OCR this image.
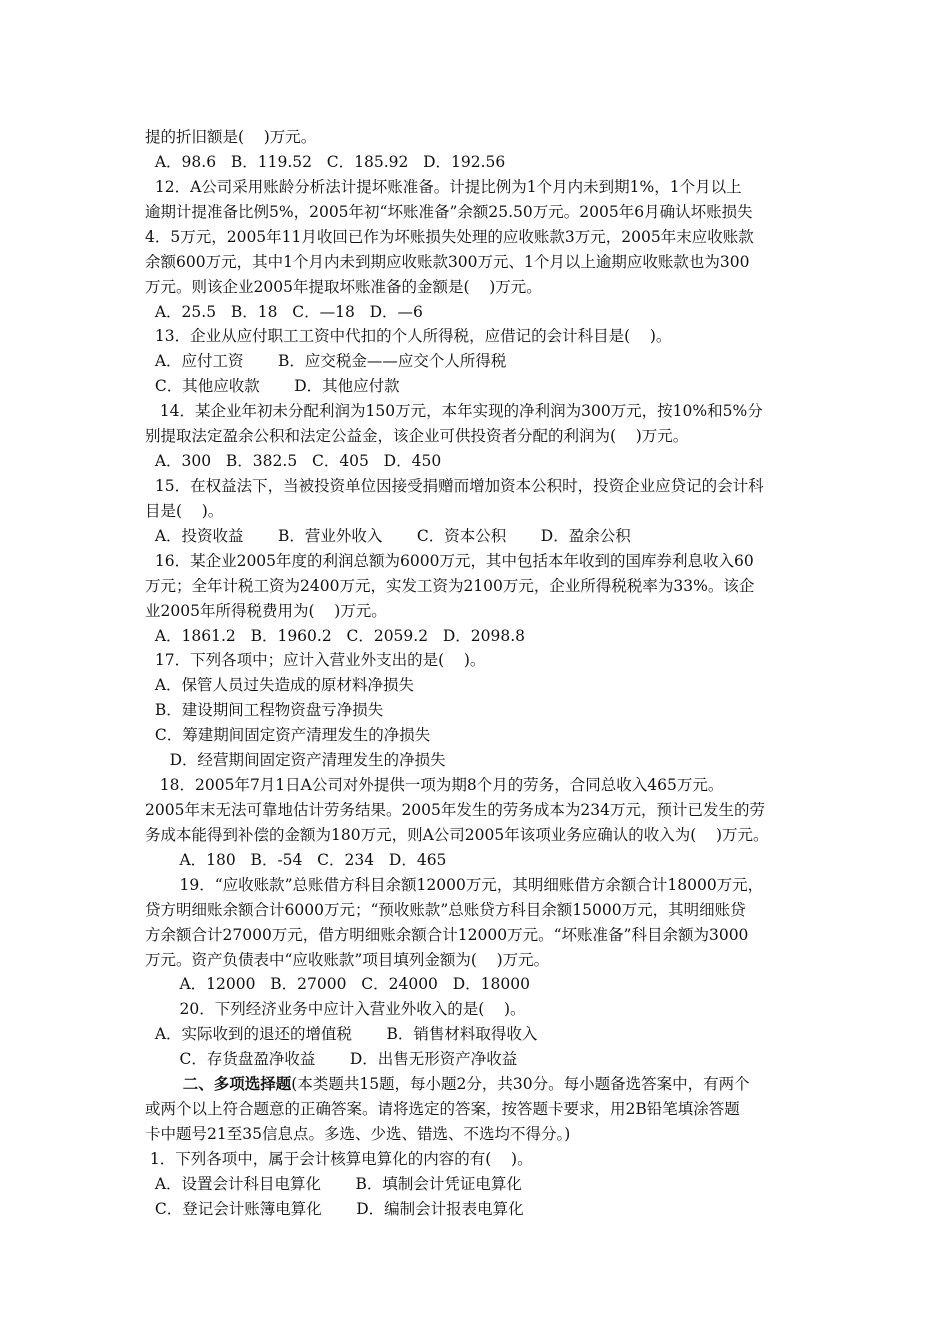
提的折旧额是(    )万元。
A．98.6   B．119.52   C．185.92   D．192.56
12．A公司采用账龄分析法计提坏账准备。计提比例为1个月内未到期1%，1个月以上
逾期计提准备比例5%，2005年初“坏账准备”余额25.50万元。2005年6月确认坏账损失
4．5万元，2005年11月收回已作为坏账损失处理的应收账款3万元，2005年末应收账款
余额600万元，其中1个月内未到期应收账款300万元、1个月以上逾期应收账款也为300
万元。则该企业2005年提取坏账准备的金额是(    )万元。
A．25.5   B．18   C．—18   D．—6
13．企业从应付职工工资中代扣的个人所得税，应借记的会计科目是(    )。
A．应付工资       B．应交税金——应交个人所得税
C．其他应收款       D．其他应付款
14．某企业年初未分配利润为150万元，本年实现的净利润为300万元，按10%和5%分
别提取法定盈余公积和法定公益金，该企业可供投资者分配的利润为(    )万元。
A．300   B．382.5   C．405   D．450
15．在权益法下，当被投资单位因接受捐赠而增加资本公积时，投资企业应贷记的会计科
目是(    )。
A．投资收益       B．营业外收入       C．资本公积       D．盈余公积
16．某企业2005年度的利润总额为6000万元，其中包括本年收到的国库券利息收入60
万元；全年计税工资为2400万元，实发工资为2100万元，企业所得税税率为33%。该企
业2005年所得税费用为(    )万元。
A．1861.2   B．1960.2   C．2059.2   D．2098.8
17．下列各项中；应计入营业外支出的是(    )。
A．保管人员过失造成的原材料净损失
B．建设期间工程物资盘亏净损失
C．筹建期间固定资产清理发生的净损失
D．经营期间固定资产清理发生的净损失
18．2005年7月1日A公司对外提供一项为期8个月的劳务，合同总收入465万元。
2005年末无法可靠地估计劳务结果。2005年发生的劳务成本为234万元，预计已发生的劳
务成本能得到补偿的金额为180万元，则A公司2005年该项业务应确认的收入为(    )万元。
A．180   B．-54   C．234   D．465
19．“应收账款”总账借方科目余额12000万元，其明细账借方余额合计18000万元，
贷方明细账余额合计6000万元；“预收账款”总账贷方科目余额15000万元，其明细账贷
方余额合计27000万元，借方明细账余额合计12000万元。“坏账准备”科目余额为3000
万元。资产负债表中“应收账款”项目填列金额为(    )万元。
A．12000   B．27000   C．24000   D．18000
20．下列经济业务中应计入营业外收入的是(    )。
A．实际收到的退还的增值税       B．销售材料取得收入
C．存货盘盈净收益       D．出售无形资产净收益
二、多项选择题(本类题共15题，每小题2分，共30分。每小题备选答案中，有两个
或两个以上符合题意的正确答案。请将选定的答案，按答题卡要求，用2B铅笔填涂答题
卡中题号21至35信息点。多选、少选、错选、不选均不得分。)
1．下列各项中，属于会计核算电算化的内容的有(    )。
A．设置会计科目电算化       B．填制会计凭证电算化
C．登记会计账簿电算化       D．编制会计报表电算化
